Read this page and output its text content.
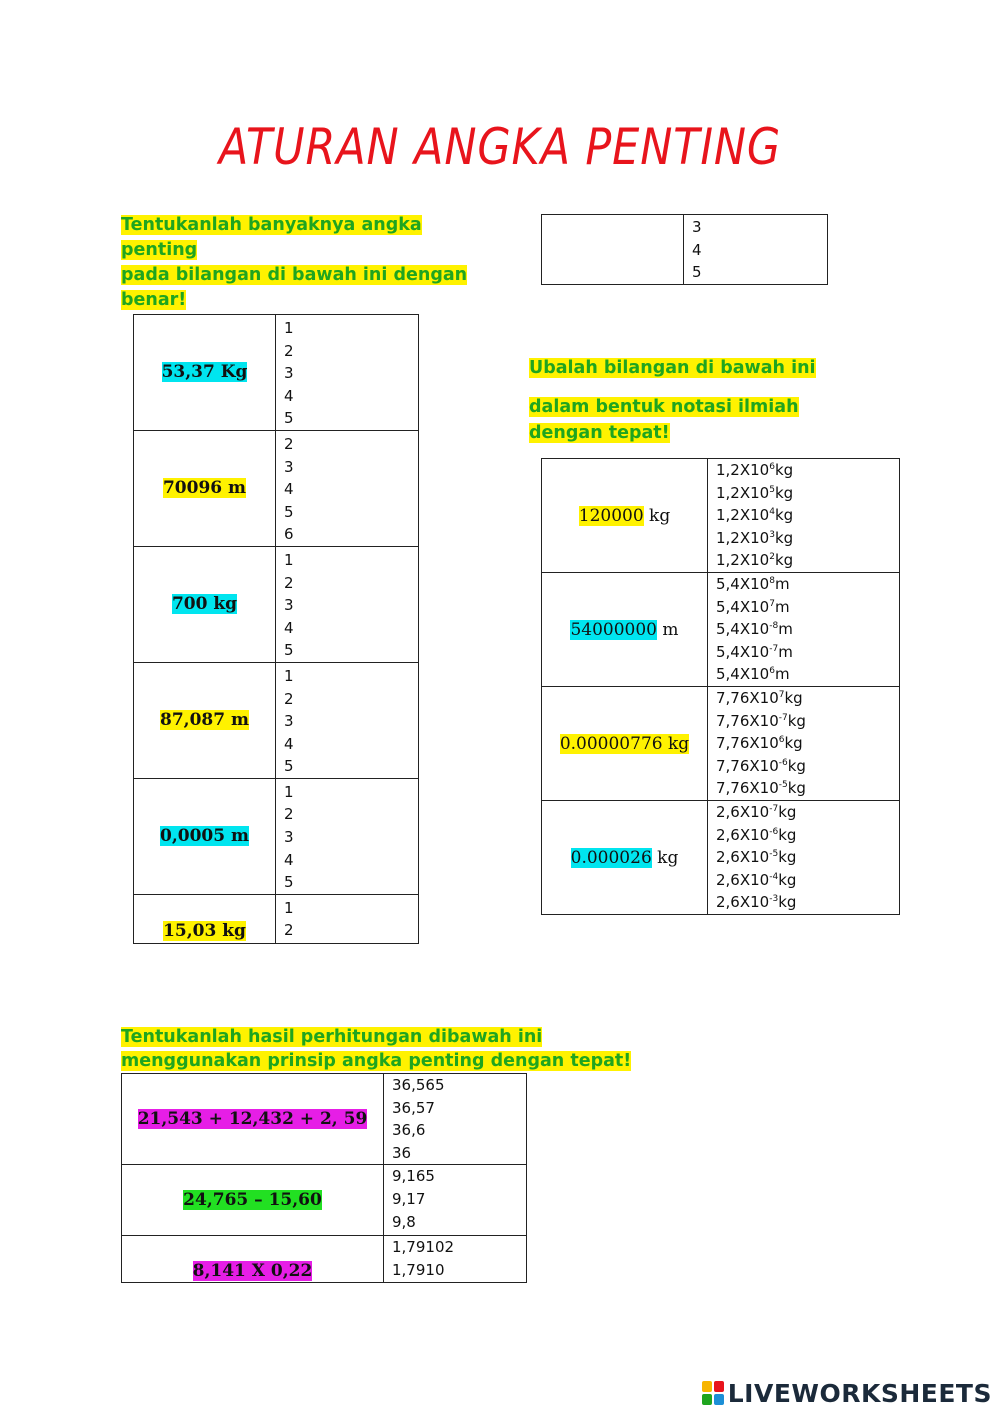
ATURAN ANGKA PENTING
Tentukanlah banyaknya angka
penting
pada bilangan di bawah ini dengan
benar!
53,37 Kg	1
2
3
4
5

70096 m	2
3
4
5
6

700 kg	1
2
3
4
5

87,087 m	1
2
3
4
5

0,0005 m	1
2
3
4
5

15,03 kg	1
2

3
4
5
Ubalah bilangan di bawah ini
dalam bentuk notasi ilmiah
dengan tepat!
120000 kg	$1,2X10^6kg$
$1,2X10^5kg$
$1,2X10^4kg$
$1,2X10^3kg$
$1,2X10^2kg$

54000000 m	$5,4X10^8m$
$5,4X10^7m$
$5,4X10^{-8}m$
$5,4X10^{-7}m$
$5,4X10^6m$

0.00000776 kg	$7,76X10^7kg$
$7,76X10^{-7}kg$
$7,76X10^6kg$
$7,76X10^{-6}kg$
$7,76X10^{-5}kg$

0.000026 kg	$2,6X10^{-7}kg$
$2,6X10^{-6}kg$
$2,6X10^{-5}kg$
$2,6X10^{-4}kg$
$2,6X10^{-3}kg$
Tentukanlah hasil perhitungan dibawah ini
menggunakan prinsip angka penting dengan tepat!
21,543 + 12,432 + 2, 59	36,565
36,57
36,6
36

24,765 – 15,60	9,165
9,17
9,8

8,141 X 0,22	1,79102
1,7910
LIVEWORKSHEETS
